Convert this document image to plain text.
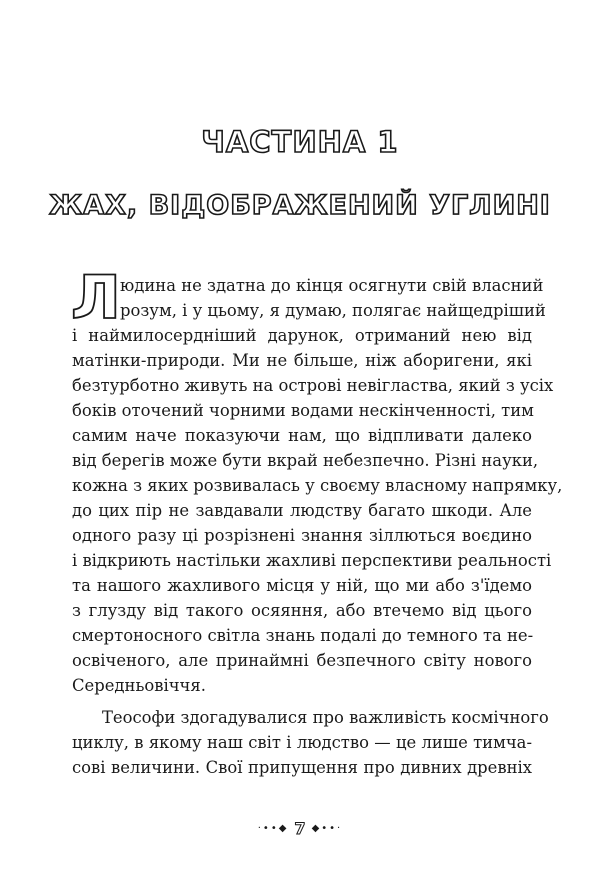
ЧАСТИНА 1
ЖАХ, ВІДОБРАЖЕНИЙ УГЛИНІ
Л юдина не здатна до кінця осягнути свій власний
розум, і у цьому, я думаю, полягає найщедріший
і наймилосердніший дарунок, отриманий нею від
матінки-природи. Ми не більше, ніж аборигени, які
безтурботно живуть на острові невігластва, який з усіх
боків оточений чорними водами нескінченності, тим
самим наче показуючи нам, що відпливати далеко
від берегів може бути вкрай небезпечно. Різні науки,
кожна з яких розвивалась у своєму власному напрямку,
до цих пір не завдавали людству багато шкоди. Але
одного разу ці розрізнені знання зіллються воєдино
і відкриють настільки жахливі перспективи реальності
та нашого жахливого місця у ній, що ми або з'їдемо
з глузду від такого осяяння, або втечемо від цього
смертоносного світла знань подалі до темного та не-
освіченого, але принаймні безпечного світу нового
Середньовіччя.
Теософи здогадувалися про важливість космічного
циклу, в якому наш світ і людство — це лише тимча-
сові величини. Свої припущення про дивних древніх
·••◆ 7 ◆••·
